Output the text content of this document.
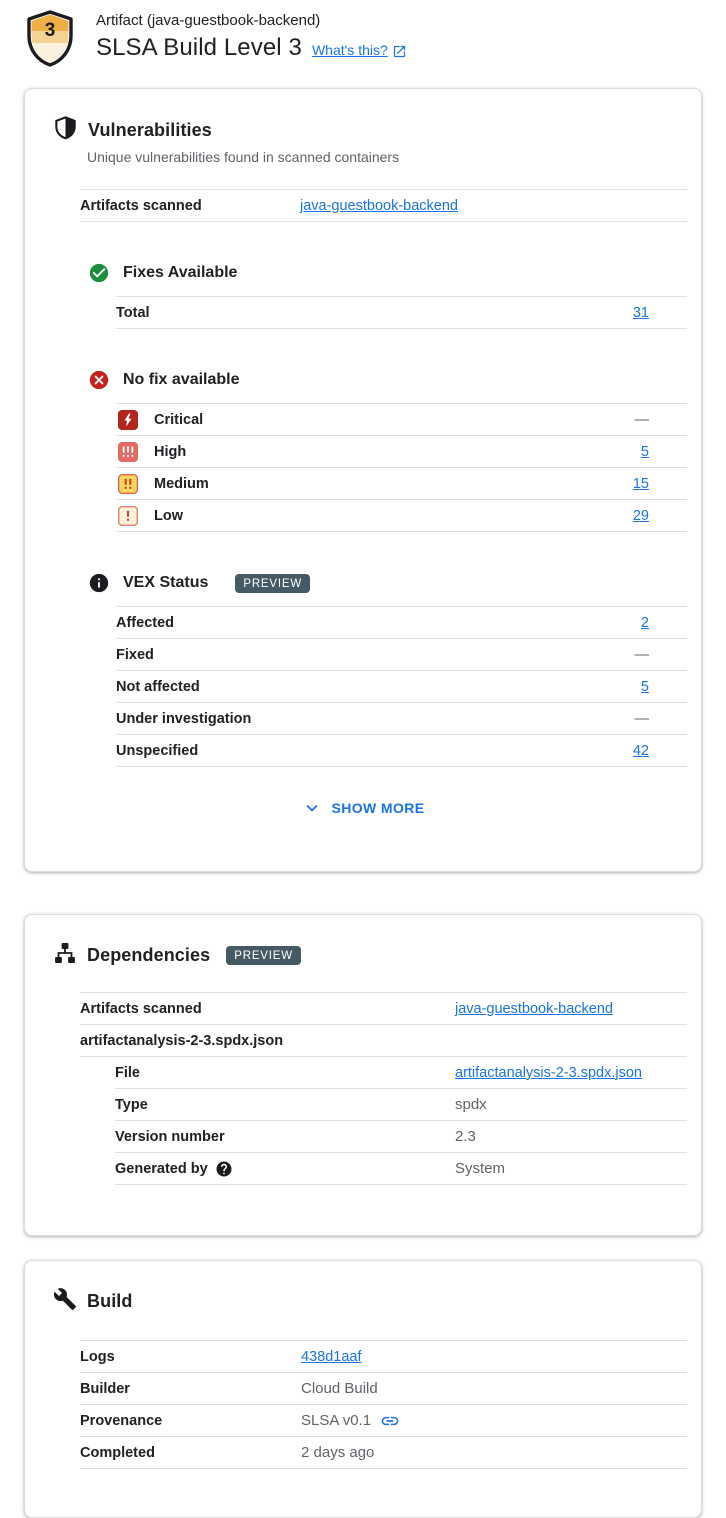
3	Artifact (java-guestbook-backend)
SLSA Build Level 3 What's this?
Vulnerabilities

Unique vulnerabilities found in scanned containers

Artifacts scanned	java-guestbook-backend
Fixes Available
Total	31
No fix available
Critical	—
High	5
Medium	15
Low	29
VEX Status	PREVIEW
Affected	2
Fixed	—
Not affected	5
Under investigation	—
Unspecified	42
SHOW MORE
Dependencies	PREVIEW
Artifacts scanned	java-guestbook-backend
artifactanalysis-2-3.spdx.json
File	artifactanalysis-2-3.spdx.json
Type	spdx
Version number	2.3
Generated by	System
Build
Logs	438d1aaf
Builder	Cloud Build
Provenance	SLSA v0.1
Completed	2 days ago
